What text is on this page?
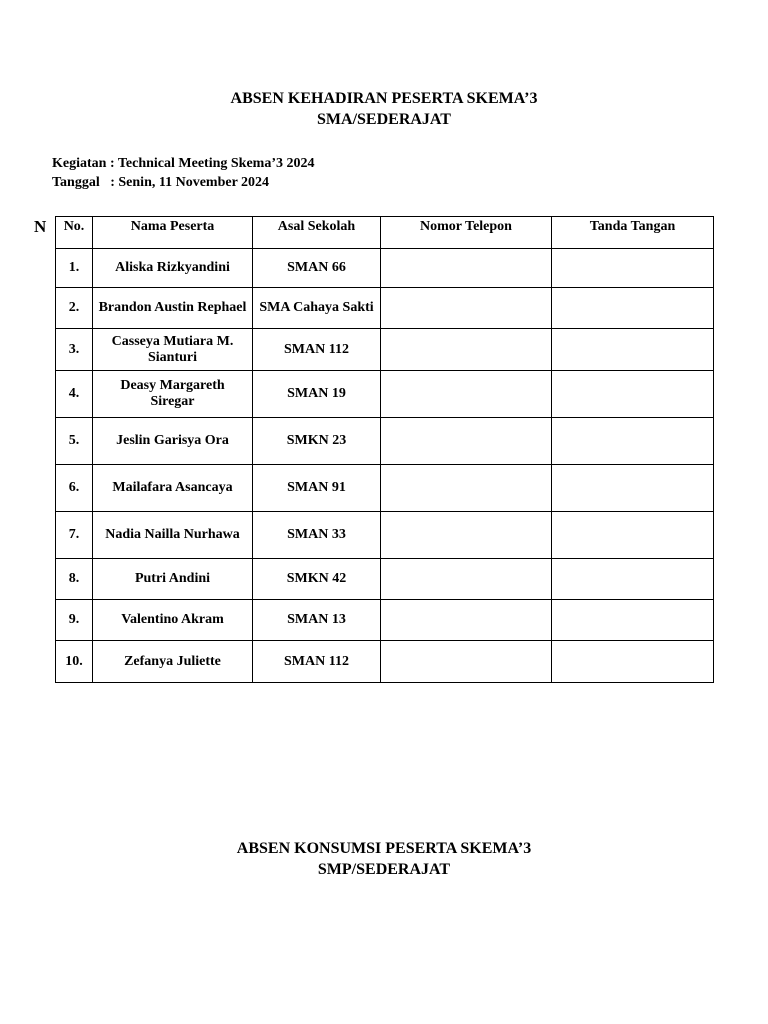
ABSEN KEHADIRAN PESERTA SKEMA’3
SMA/SEDERAJAT
Kegiatan : Technical Meeting Skema’3 2024
Tanggal   : Senin, 11 November 2024
N No.	Nama Peserta	Asal Sekolah	Nomor Telepon	Tanda Tangan
1.	Aliska Rizkyandini	SMAN 66		
2.	Brandon Austin Rephael	SMA Cahaya Sakti		
3.	Casseya Mutiara M. Sianturi	SMAN 112		
4.	Deasy Margareth Siregar	SMAN 19		
5.	Jeslin Garisya Ora	SMKN 23		
6.	Mailafara Asancaya	SMAN 91		
7.	Nadia Nailla Nurhawa	SMAN 33		
8.	Putri Andini	SMKN 42		
9.	Valentino Akram	SMAN 13		
10.	Zefanya Juliette	SMAN 112		
ABSEN KONSUMSI PESERTA SKEMA’3
SMP/SEDERAJAT
